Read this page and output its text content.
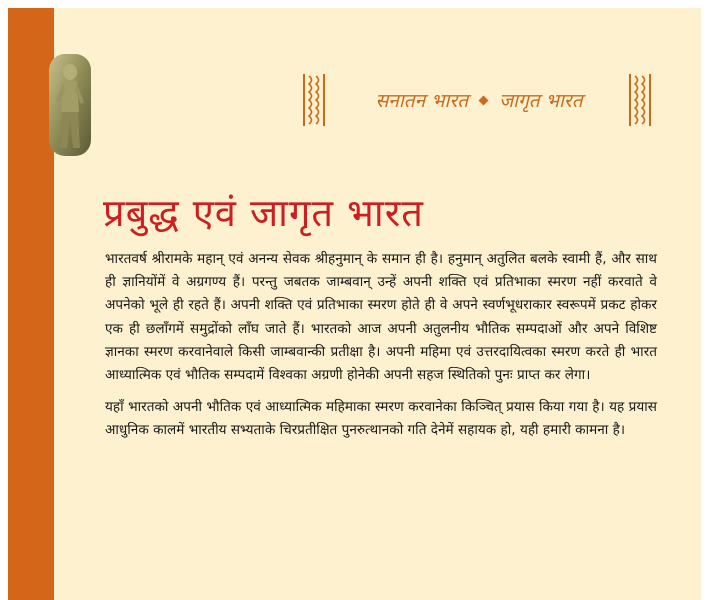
सनातन भारत जागृत भारत
प्रबुद्ध एवं जागृत भारत

भारतवर्ष श्रीरामके महान् एवं अनन्य सेवक श्रीहनुमान् के समान ही है। हनुमान् अतुलित बलके स्वामी हैं, और साथ ही ज्ञानियोंमें वे अग्रगण्य हैं। परन्तु जबतक जाम्बवान् उन्हें अपनी शक्ति एवं प्रतिभाका स्मरण नहीं करवाते वे अपनेको भूले ही रहते हैं। अपनी शक्ति एवं प्रतिभाका स्मरण होते ही वे अपने स्वर्णभूधराकार स्वरूपमें प्रकट होकर एक ही छलाँगमें समुद्रोंको लाँघ जाते हैं। भारतको आज अपनी अतुलनीय भौतिक सम्पदाओं और अपने विशिष्ट ज्ञानका स्मरण करवानेवाले किसी जाम्बवान्की प्रतीक्षा है। अपनी महिमा एवं उत्तरदायित्वका स्मरण करते ही भारत आध्यात्मिक एवं भौतिक सम्पदामें विश्वका अग्रणी होनेकी अपनी सहज स्थितिको पुनः प्राप्त कर लेगा।

यहाँ भारतको अपनी भौतिक एवं आध्यात्मिक महिमाका स्मरण करवानेका किञ्चित् प्रयास किया गया है। यह प्रयास आधुनिक कालमें भारतीय सभ्यताके चिरप्रतीक्षित पुनरुत्थानको गति देनेमें सहायक हो, यही हमारी कामना है।
